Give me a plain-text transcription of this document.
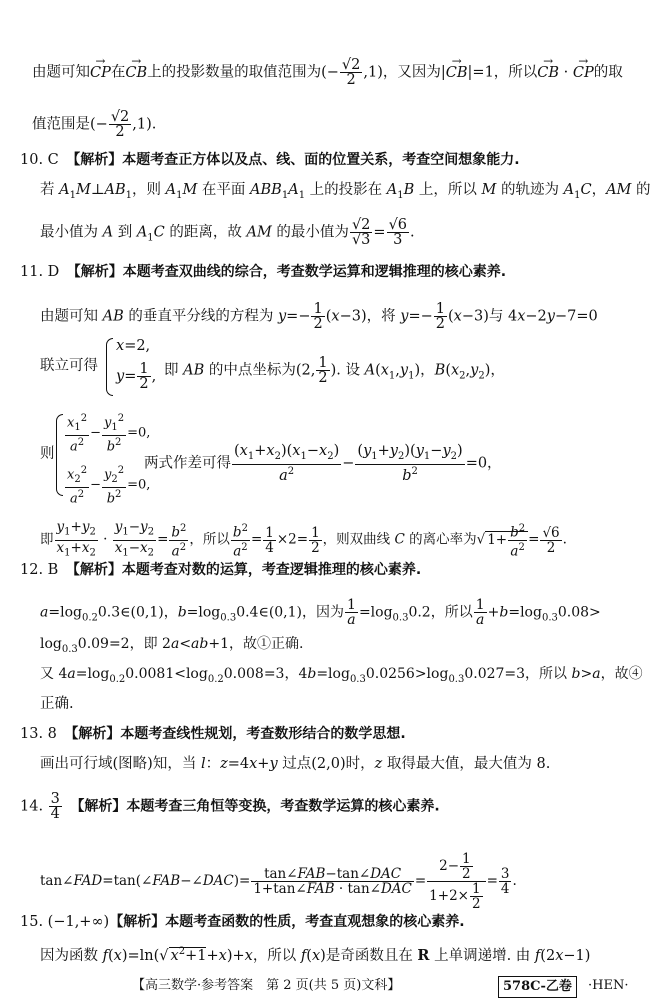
由题可知→ CP在→ CB上的投影数量的取值范围为(− $\frac{√2}{2} ,1$)，又因为|→ CB|=1，所以→ CB · → CP的取
值范围是(− $\frac{√2}{2} ,1$).
10. C　 【解析】本题考查正方体以及点、线、面的位置关系，考查空间想象能力.
若 $A_1M\perp AB_1$，则 $A_1M$ 在平面 $ABB_1A_1$ 上的投影在 $A_1B$ 上，所以 M 的轨迹为 $A_1C$，AM 的
最小值为 A 到 $A_1C$ 的距离，故 AM 的最小值为 $\frac{√2}{√3} = \frac{√6}{3}$ .
11. D　 【解析】本题考查双曲线的综合，考查数学运算和逻辑推理的核心素养.
由题可知 AB 的垂直平分线的方程为 $y=- \frac{1}{2} (x-3)$，将 $y=- \frac{1}{2} (x-3)$与 4x−2y−7=0
联立可得
x=2,
$y= \frac{1}{2}$ , 即 AB 的中点坐标为(2, $\frac{1}{2}$ ). 设 $A(x_1,y_1)$，$B(x_2,y_2)$，
则 $\frac{x_1^2}{a^2} - \frac{y_1^2}{b^2} =0$,
$\frac{x_2^2}{a^2} - \frac{y_2^2}{b^2} =0$,
两式作差可得 $\frac{(x_1+x_2)(x_1-x_2)}{a^2} - \frac{(y_1+y_2)(y_1-y_2)}{b^2} =0$，
即 $\frac{y_1+y_2}{x_1+x_2} \cdot \frac{y_1-y_2}{x_1-x_2} = \frac{b^2}{a^2}$ ，所以 $\frac{b^2}{a^2} = \frac{1}{4} \times 2= \frac{1}{2}$ ，则双曲线 C 的离心率为√ $1+ \frac{b^2}{a^2} = \frac{√6}{2}$ .
12. B　 【解析】本题考查对数的运算，考查逻辑推理的核心素养.
$a=\log_{0.2}0.3\in(0,1)$，$b=\log_{0.3}0.4\in(0,1)$，因为 $\frac{1}{a} =\log_{0.3}0.2$，所以 $\frac{1}{a} +b=\log_{0.3}0.08>$
$\log_{0.3}0.09=2$，即 2a<ab+1，故①正确.
又 $4a=\log_{0.2}0.0081<\log_{0.2}0.008=3$，$4b=\log_{0.3}0.0256>\log_{0.3}0.027=3$，所以 b>a，故④
正确.
13. 8　 【解析】本题考查线性规划，考查数形结合的数学思想.
画出可行域(图略)知，当 l：z=4x+y 过点(2,0)时，z 取得最大值，最大值为 8.
14. $\frac{3}{4}$
　 【解析】本题考查三角恒等变换，考查数学运算的核心素养.
tan∠FAD=tan(∠FAB−∠DAC)= $\frac{\text{tan∠FAB−tan∠DAC}}{\text{1+tan∠FAB · tan∠DAC}} = \frac{2- \frac{1}{2}}{1+2\times \frac{1}{2}} = \frac{3}{4}$ .
15. (−1,+∞)【解析】本题考查函数的性质，考查直观想象的核心素养.
因为函数 f(x)=ln(√ $x^2+1+x)+x$，所以 f(x)是奇函数且在 R 上单调递增. 由 f(2x−1)
【高三数学·参考答案　第 2 页(共 5 页)文科】	578C-乙卷	·HEN·
